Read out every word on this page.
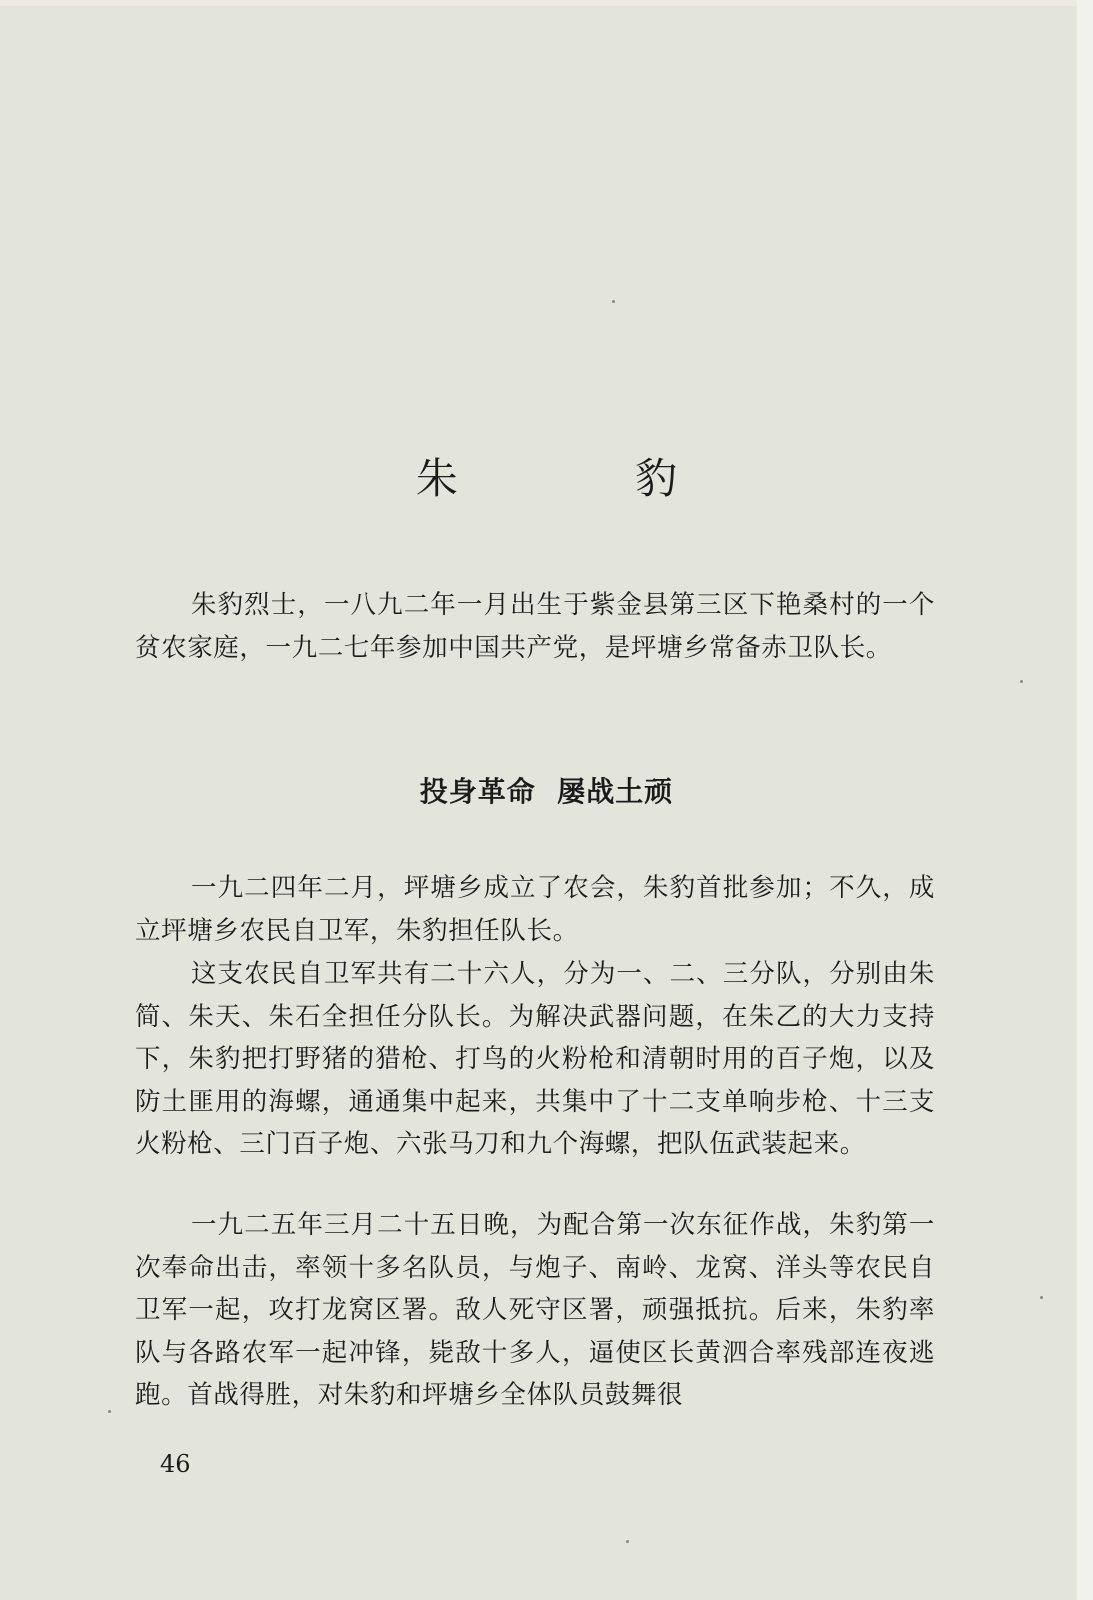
朱 豹

朱豹烈士，一八九二年一月出生于紫金县第三区下艳桑村的一个贫农家庭，一九二七年参加中国共产党，是坪塘乡常备赤卫队长。

投身革命  屡战土顽

一九二四年二月，坪塘乡成立了农会，朱豹首批参加；不久，成立坪塘乡农民自卫军，朱豹担任队长。

这支农民自卫军共有二十六人，分为一、二、三分队，分别由朱简、朱天、朱石全担任分队长。为解决武器问题，在朱乙的大力支持下，朱豹把打野猪的猎枪、打鸟的火粉枪和清朝时用的百子炮，以及防土匪用的海螺，通通集中起来，共集中了十二支单响步枪、十三支火粉枪、三门百子炮、六张马刀和九个海螺，把队伍武装起来。

一九二五年三月二十五日晚，为配合第一次东征作战，朱豹第一次奉命出击，率领十多名队员，与炮子、南岭、龙窝、洋头等农民自卫军一起，攻打龙窝区署。敌人死守区署，顽强抵抗。后来，朱豹率队与各路农军一起冲锋，毙敌十多人，逼使区长黄泗合率残部连夜逃跑。首战得胜，对朱豹和坪塘乡全体队员鼓舞很

46
